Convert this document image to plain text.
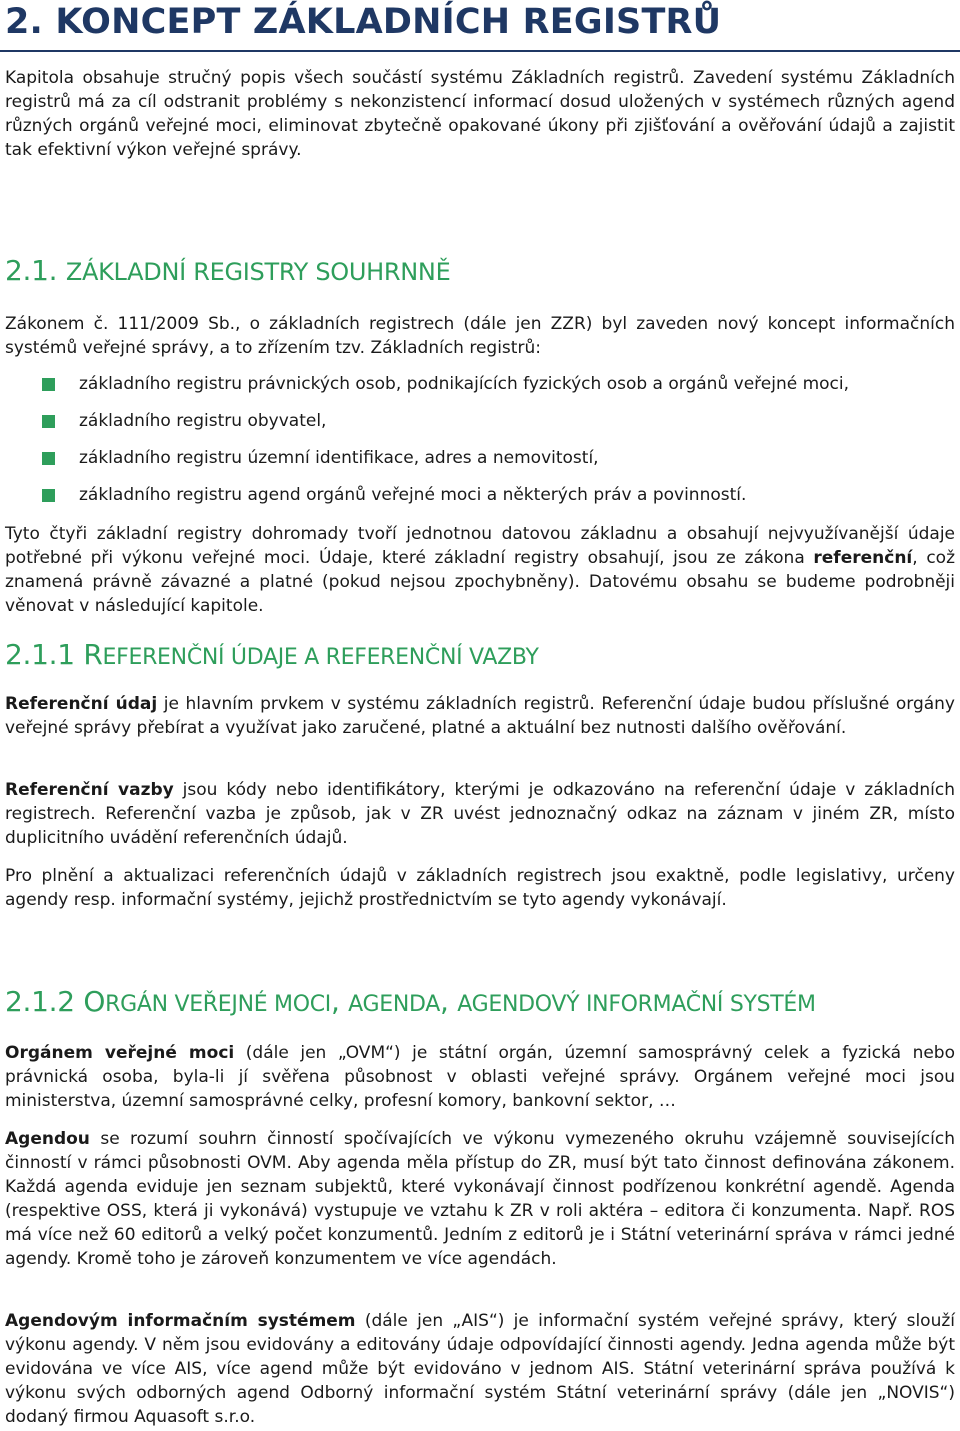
2. KONCEPT ZÁKLADNÍCH REGISTRŮ

Kapitola obsahuje stručný popis všech součástí systému Základních registrů. Zavedení systému Základních registrů má za cíl odstranit problémy s nekonzistencí informací dosud uložených v systémech různých agend různých orgánů veřejné moci, eliminovat zbytečně opakované úkony při zjišťování a ověřování údajů a zajistit tak efektivní výkon veřejné správy.

2.1. ZÁKLADNÍ REGISTRY SOUHRNNĚ

Zákonem č. 111/2009 Sb., o základních registrech (dále jen ZZR) byl zaveden nový koncept informačních systémů veřejné správy, a to zřízením tzv. Základních registrů:

základního registru právnických osob, podnikajících fyzických osob a orgánů veřejné moci,
základního registru obyvatel,
základního registru územní identifikace, adres a nemovitostí,
základního registru agend orgánů veřejné moci a některých práv a povinností.

Tyto čtyři základní registry dohromady tvoří jednotnou datovou základnu a obsahují nejvyužívanější údaje potřebné při výkonu veřejné moci. Údaje, které základní registry obsahují, jsou ze zákona referenční, což znamená právně závazné a platné (pokud nejsou zpochybněny). Datovému obsahu se budeme podrobněji věnovat v následující kapitole.

2.1.1 REFERENČNÍ ÚDAJE A REFERENČNÍ VAZBY

Referenční údaj je hlavním prvkem v systému základních registrů. Referenční údaje budou příslušné orgány veřejné správy přebírat a využívat jako zaručené, platné a aktuální bez nutnosti dalšího ověřování.

Referenční vazby jsou kódy nebo identifikátory, kterými je odkazováno na referenční údaje v základních registrech. Referenční vazba je způsob, jak v ZR uvést jednoznačný odkaz na záznam v jiném ZR, místo duplicitního uvádění referenčních údajů.

Pro plnění a aktualizaci referenčních údajů v základních registrech jsou exaktně, podle legislativy, určeny agendy resp. informační systémy, jejichž prostřednictvím se tyto agendy vykonávají.

2.1.2 ORGÁN VEŘEJNÉ MOCI, AGENDA, AGENDOVÝ INFORMAČNÍ SYSTÉM

Orgánem veřejné moci (dále jen „OVM“) je státní orgán, územní samosprávný celek a fyzická nebo právnická osoba, byla-li jí svěřena působnost v oblasti veřejné správy. Orgánem veřejné moci jsou ministerstva, územní samosprávné celky, profesní komory, bankovní sektor, …

Agendou se rozumí souhrn činností spočívajících ve výkonu vymezeného okruhu vzájemně souvisejících činností v rámci působnosti OVM. Aby agenda měla přístup do ZR, musí být tato činnost definována zákonem. Každá agenda eviduje jen seznam subjektů, které vykonávají činnost podřízenou konkrétní agendě. Agenda (respektive OSS, která ji vykonává) vystupuje ve vztahu k ZR v roli aktéra – editora či konzumenta. Např. ROS má více než 60 editorů a velký počet konzumentů. Jedním z editorů je i Státní veterinární správa v rámci jedné agendy. Kromě toho je zároveň konzumentem ve více agendách.

Agendovým informačním systémem (dále jen „AIS“) je informační systém veřejné správy, který slouží výkonu agendy. V něm jsou evidovány a editovány údaje odpovídající činnosti agendy. Jedna agenda může být evidována ve více AIS, více agend může být evidováno v jednom AIS. Státní veterinární správa používá k výkonu svých odborných agend Odborný informační systém Státní veterinární správy (dále jen „NOVIS“) dodaný firmou Aquasoft s.r.o.
